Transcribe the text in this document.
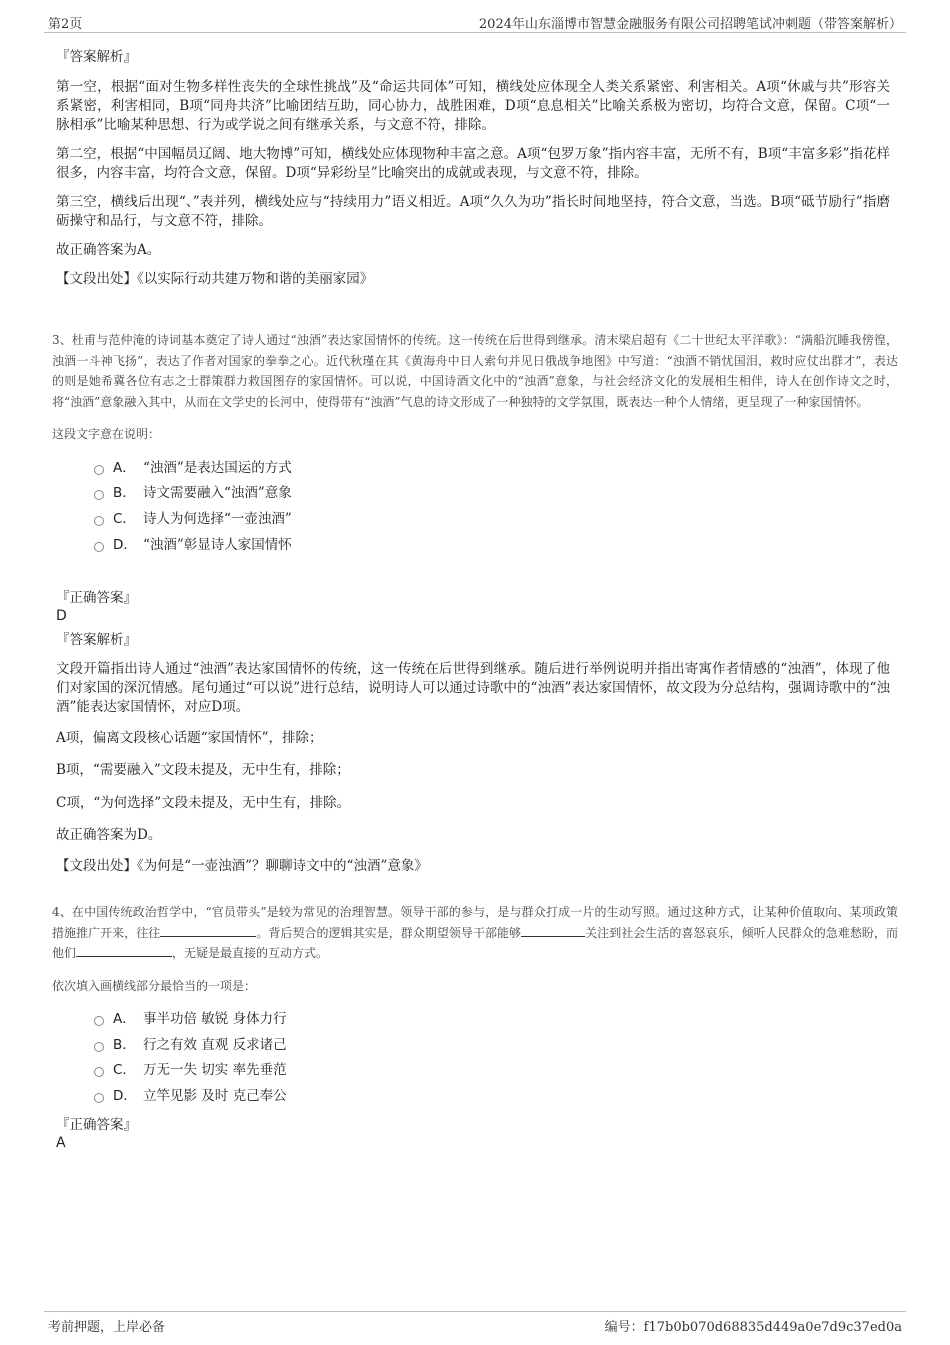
第2页	2024年山东淄博市智慧金融服务有限公司招聘笔试冲刺题（带答案解析）

『答案解析』

第一空，根据“面对生物多样性丧失的全球性挑战”及“命运共同体”可知，横线处应体现全人类关系紧密、利害相关。A项“休戚与共”形容关系紧密，利害相同，B项“同舟共济”比喻团结互助，同心协力，战胜困难，D项“息息相关”比喻关系极为密切，均符合文意，保留。C项“一脉相承”比喻某种思想、行为或学说之间有继承关系，与文意不符，排除。

第二空，根据“中国幅员辽阔、地大物博”可知，横线处应体现物种丰富之意。A项“包罗万象”指内容丰富，无所不有，B项“丰富多彩”指花样很多，内容丰富，均符合文意，保留。D项“异彩纷呈”比喻突出的成就或表现，与文意不符，排除。

第三空，横线后出现“、”表并列，横线处应与“持续用力”语义相近。A项“久久为功”指长时间地坚持，符合文意，当选。B项“砥节励行”指磨砺操守和品行，与文意不符，排除。

故正确答案为A。

【文段出处】《以实际行动共建万物和谐的美丽家园》

3、杜甫与范仲淹的诗词基本奠定了诗人通过“浊酒”表达家国情怀的传统。这一传统在后世得到继承。清末梁启超有《二十世纪太平洋歌》：“满船沉睡我傍徨，浊酒一斗神飞扬”，表达了作者对国家的拳拳之心。近代秋瑾在其《黄海舟中日人索句并见日俄战争地图》中写道：“浊酒不销忧国泪，救时应仗出群才”，表达的则是她希冀各位有志之士群策群力救国图存的家国情怀。可以说，中国诗酒文化中的“浊酒”意象，与社会经济文化的发展相生相伴，诗人在创作诗文之时，将“浊酒”意象融入其中，从而在文学史的长河中，使得带有“浊酒”气息的诗文形成了一种独特的文学氛围，既表达一种个人情绪，更呈现了一种家国情怀。

这段文字意在说明：

A． “浊酒”是表达国运的方式
B． 诗文需要融入“浊酒”意象
C． 诗人为何选择“一壶浊酒”
D． “浊酒”彰显诗人家国情怀

『正确答案』

D

『答案解析』

文段开篇指出诗人通过“浊酒”表达家国情怀的传统，这一传统在后世得到继承。随后进行举例说明并指出寄寓作者情感的“浊酒”，体现了他们对家国的深沉情感。尾句通过“可以说”进行总结，说明诗人可以通过诗歌中的“浊酒”表达家国情怀，故文段为分总结构，强调诗歌中的“浊酒”能表达家国情怀，对应D项。

A项，偏离文段核心话题“家国情怀”，排除；

B项，“需要融入”文段未提及，无中生有，排除；

C项，“为何选择”文段未提及，无中生有，排除。

故正确答案为D。

【文段出处】《为何是“一壶浊酒”？聊聊诗文中的“浊酒”意象》

4、在中国传统政治哲学中，“官员带头”是较为常见的治理智慧。领导干部的参与，是与群众打成一片的生动写照。通过这种方式，让某种价值取向、某项政策措施推广开来，往往	。背后契合的逻辑其实是，群众期望领导干部能够	关注到社会生活的喜怒哀乐，倾听人民群众的急难愁盼，而他们	，无疑是最直接的互动方式。

依次填入画横线部分最恰当的一项是：

A． 事半功倍 敏锐 身体力行
B． 行之有效 直观 反求诸己
C． 万无一失 切实 率先垂范
D． 立竿见影 及时 克己奉公

『正确答案』

A

考前押题，上岸必备	编号：f17b0b070d68835d449a0e7d9c37ed0a
